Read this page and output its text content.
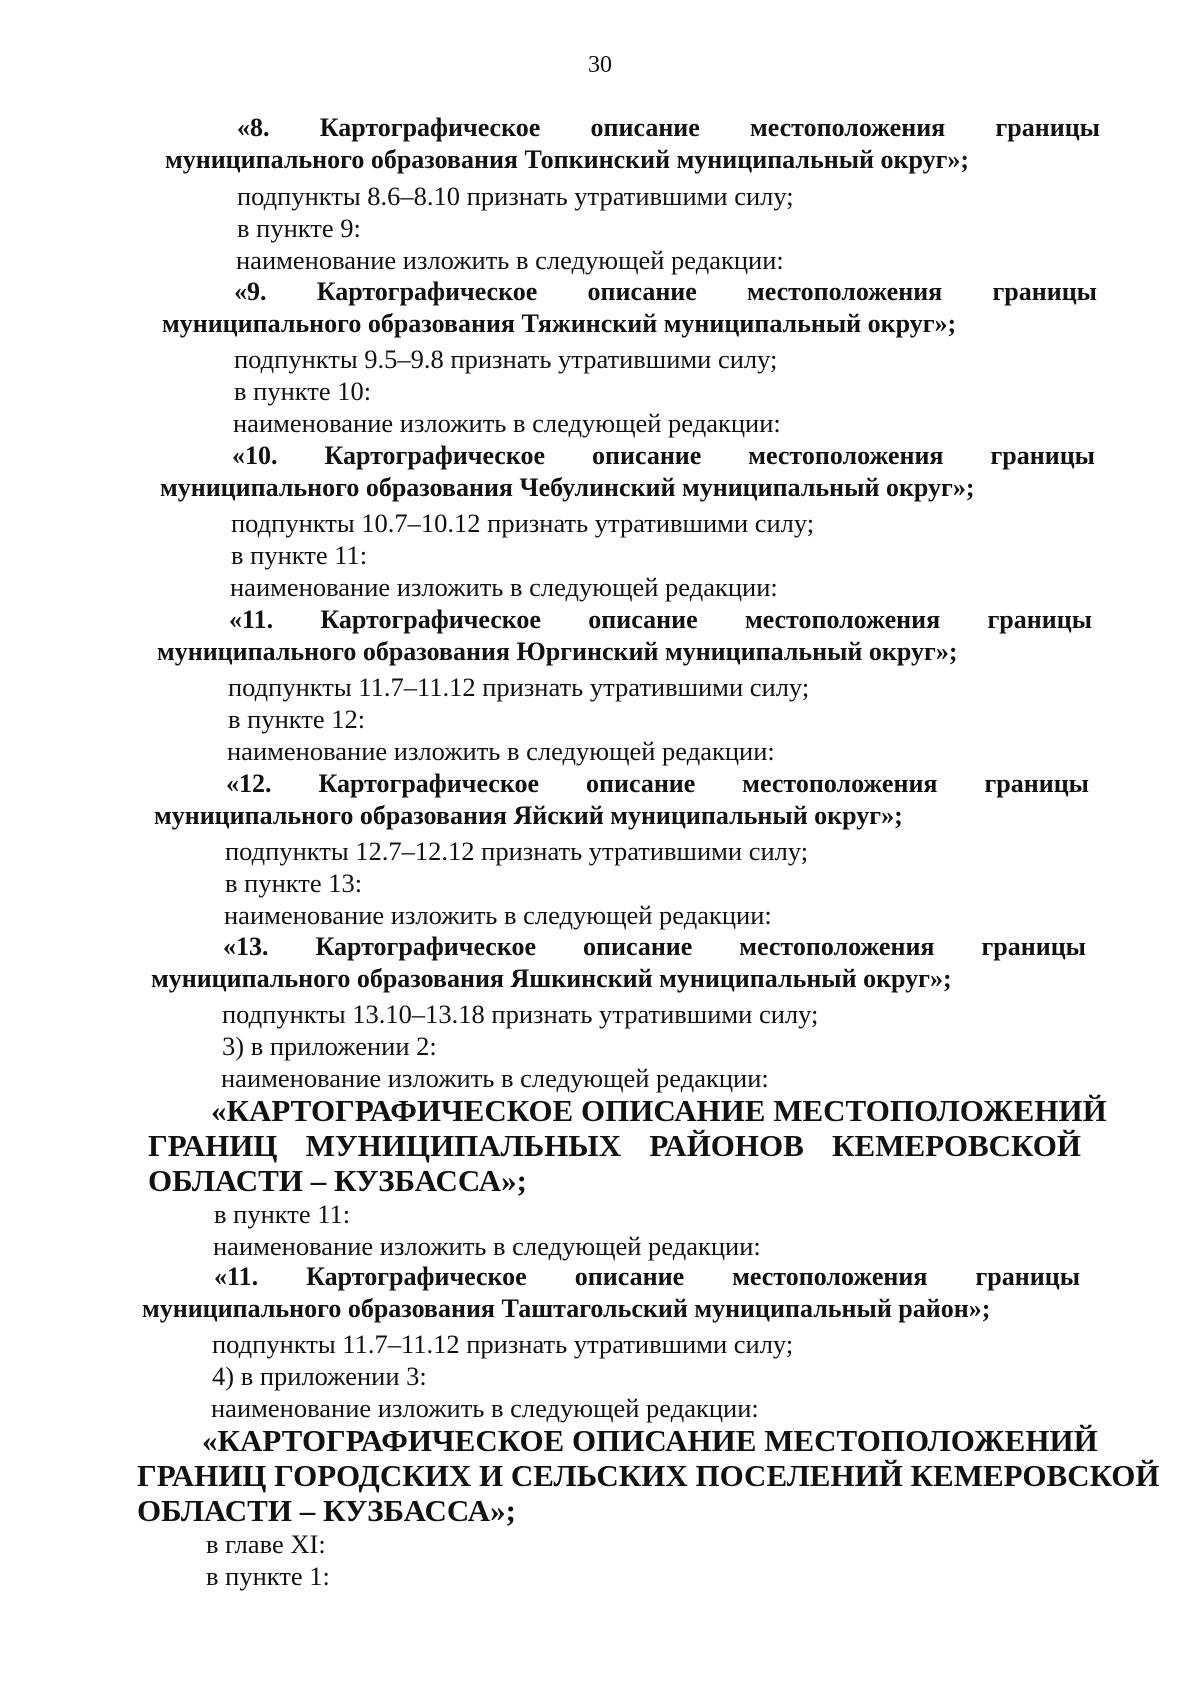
30
«8. Картографическое описание местоположения границы
муниципального образования Топкинский муниципальный округ»;
подпункты 8.6–8.10 признать утратившими силу;
в пункте 9:
наименование изложить в следующей редакции:
«9. Картографическое описание местоположения границы
муниципального образования Тяжинский муниципальный округ»;
подпункты 9.5–9.8 признать утратившими силу;
в пункте 10:
наименование изложить в следующей редакции:
«10. Картографическое описание местоположения границы
муниципального образования Чебулинский муниципальный округ»;
подпункты 10.7–10.12 признать утратившими силу;
в пункте 11:
наименование изложить в следующей редакции:
«11. Картографическое описание местоположения границы
муниципального образования Юргинский муниципальный округ»;
подпункты 11.7–11.12 признать утратившими силу;
в пункте 12:
наименование изложить в следующей редакции:
«12. Картографическое описание местоположения границы
муниципального образования Яйский муниципальный округ»;
подпункты 12.7–12.12 признать утратившими силу;
в пункте 13:
наименование изложить в следующей редакции:
«13. Картографическое описание местоположения границы
муниципального образования Яшкинский муниципальный округ»;
подпункты 13.10–13.18 признать утратившими силу;
3) в приложении 2:
наименование изложить в следующей редакции:
«КАРТОГРАФИЧЕСКОЕ ОПИСАНИЕ МЕСТОПОЛОЖЕНИЙ
ГРАНИЦ МУНИЦИПАЛЬНЫХ РАЙОНОВ КЕМЕРОВСКОЙ
ОБЛАСТИ – КУЗБАССА»;
в пункте 11:
наименование изложить в следующей редакции:
«11. Картографическое описание местоположения границы
муниципального образования Таштагольский муниципальный район»;
подпункты 11.7–11.12 признать утратившими силу;
4) в приложении 3:
наименование изложить в следующей редакции:
«КАРТОГРАФИЧЕСКОЕ ОПИСАНИЕ МЕСТОПОЛОЖЕНИЙ
ГРАНИЦ ГОРОДСКИХ И СЕЛЬСКИХ ПОСЕЛЕНИЙ КЕМЕРОВСКОЙ
ОБЛАСТИ – КУЗБАССА»;
в главе XI:
в пункте 1:
